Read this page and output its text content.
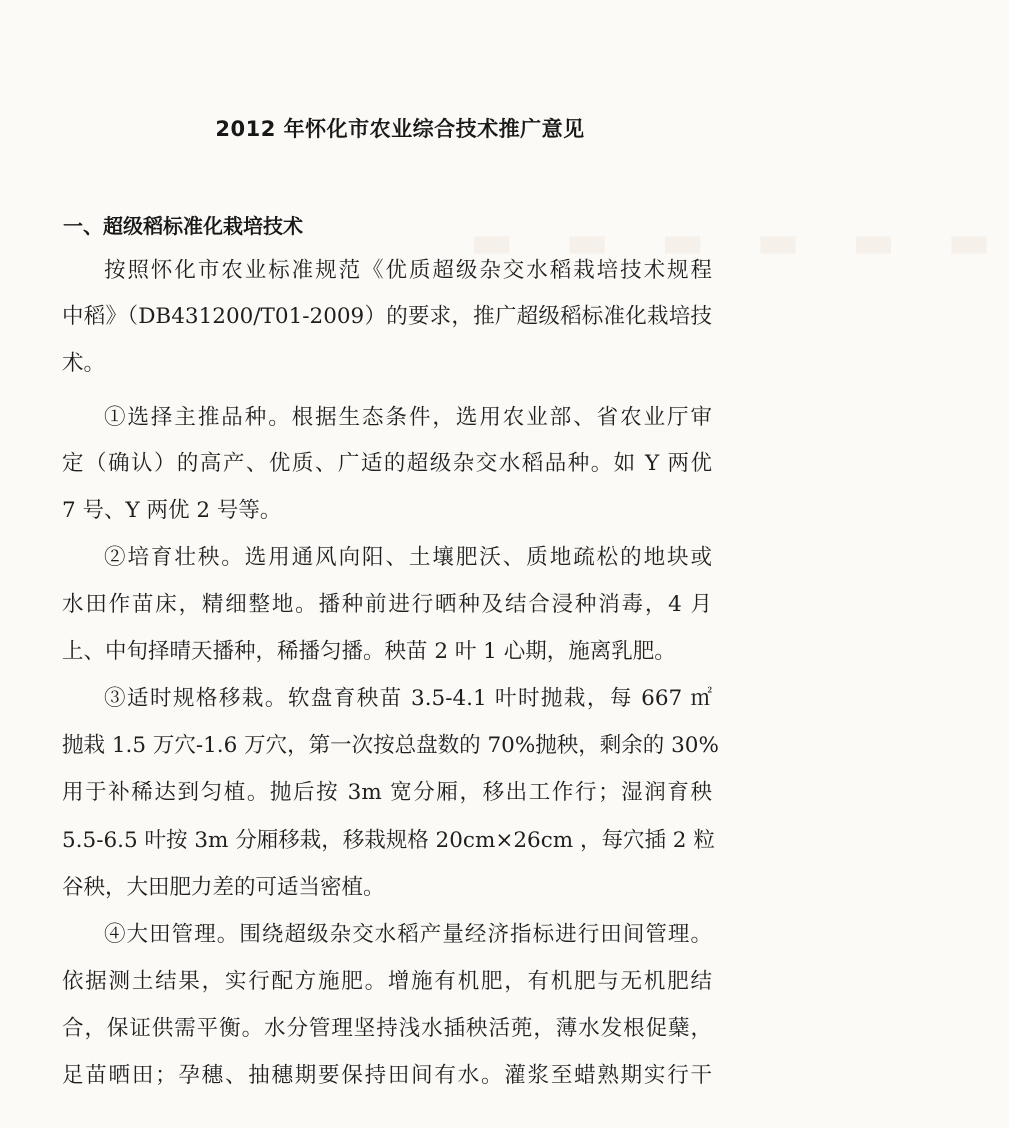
▬ ▬ ▬ ▬ ▬ ▬
2012 年怀化市农业综合技术推广意见
一、超级稻标准化栽培技术
按照怀化市农业标准规范《优质超级杂交水稻栽培技术规程
中稻》（DB431200/T01-2009）的要求，推广超级稻标准化栽培技
术。
①选择主推品种。根据生态条件，选用农业部、省农业厅审
定（确认）的高产、优质、广适的超级杂交水稻品种。如 Y 两优
7 号、Y 两优 2 号等。
②培育壮秧。选用通风向阳、土壤肥沃、质地疏松的地块或
水田作苗床，精细整地。播种前进行晒种及结合浸种消毒，4 月
上、中旬择晴天播种，稀播匀播。秧苗 2 叶 1 心期，施离乳肥。
③适时规格移栽。软盘育秧苗 3.5-4.1 叶时抛栽，每 667 ㎡
抛栽 1.5 万穴-1.6 万穴，第一次按总盘数的 70%抛秧，剩余的 30%
用于补稀达到匀植。抛后按 3m 宽分厢，移出工作行；湿润育秧
5.5-6.5 叶按 3m 分厢移栽，移栽规格 20cm×26cm ，每穴插 2 粒
谷秧，大田肥力差的可适当密植。
④大田管理。围绕超级杂交水稻产量经济指标进行田间管理。
依据测土结果，实行配方施肥。增施有机肥，有机肥与无机肥结
合，保证供需平衡。水分管理坚持浅水插秧活蔸，薄水发根促蘖，
足苗晒田；孕穗、抽穗期要保持田间有水。灌浆至蜡熟期实行干
